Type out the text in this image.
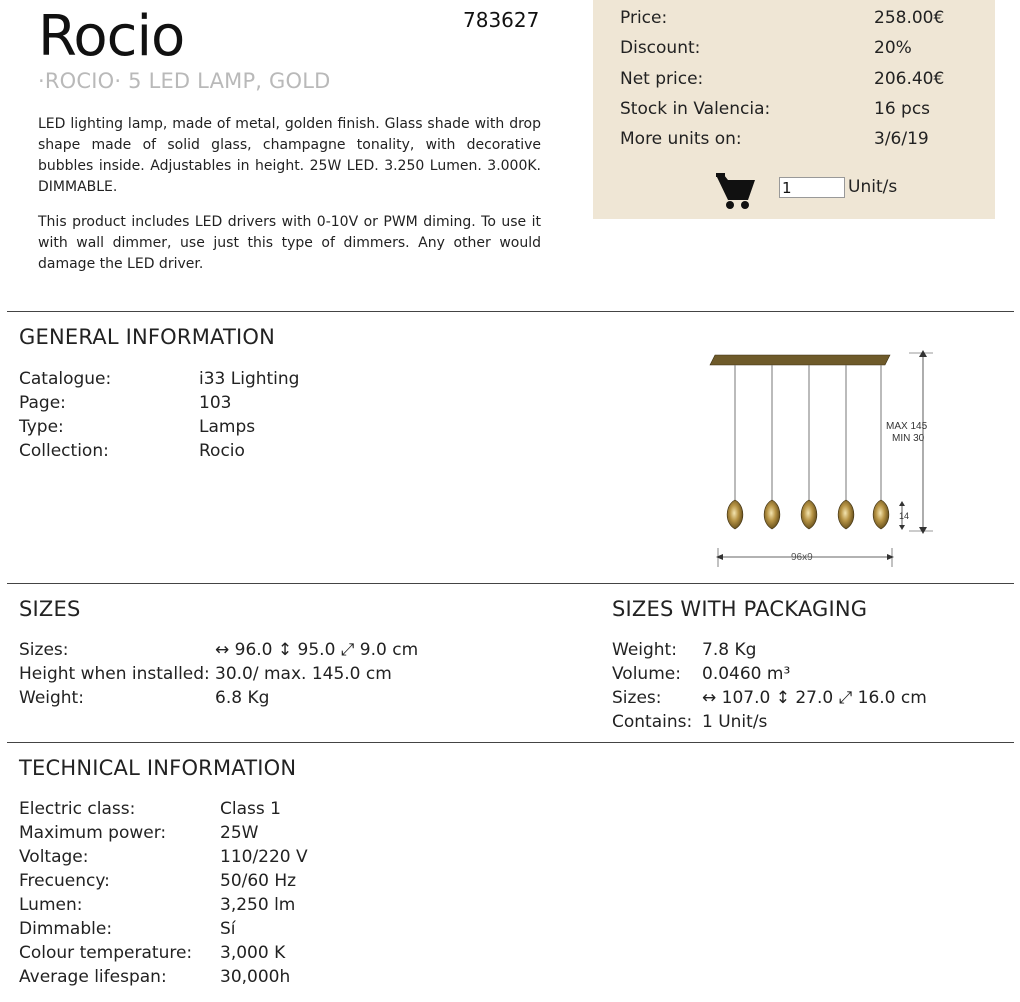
Rocio	783627
·ROCIO· 5 LED LAMP, GOLD

LED lighting lamp, made of metal, golden finish. Glass shade with drop shape made of solid glass, champagne tonality, with decorative bubbles inside. Adjustables in height. 25W LED. 3.250 Lumen. 3.000K. DIMMABLE.

This product includes LED drivers with 0-10V or PWM diming. To use it with wall dimmer, use just this type of dimmers. Any other would damage the LED driver.

Price:	258.00€
Discount:	20%
Net price:	206.40€
Stock in Valencia:	16 pcs
More units on:	3/6/19
1
Unit/s
GENERAL INFORMATION
Catalogue:	i33 Lighting
Page:	103
Type:	Lamps
Collection:	Rocio
MAX 145
MIN 30
14
96x9
SIZES
Sizes:	↔ 96.0 ↕ 95.0 ⤢ 9.0 cm
Height when installed: 30.0/ max. 145.0 cm
Weight:	6.8 Kg
SIZES WITH PACKAGING
Weight: 7.8 Kg
Volume: 0.0460 m³
Sizes: ↔ 107.0 ↕ 27.0 ⤢ 16.0 cm
Contains: 1 Unit/s
TECHNICAL INFORMATION
Electric class:	Class 1
Maximum power:	25W
Voltage:	110/220 V
Frecuency:	50/60 Hz
Lumen:	3,250 lm
Dimmable:	Sí
Colour temperature: 3,000 K
Average lifespan:	30,000h
